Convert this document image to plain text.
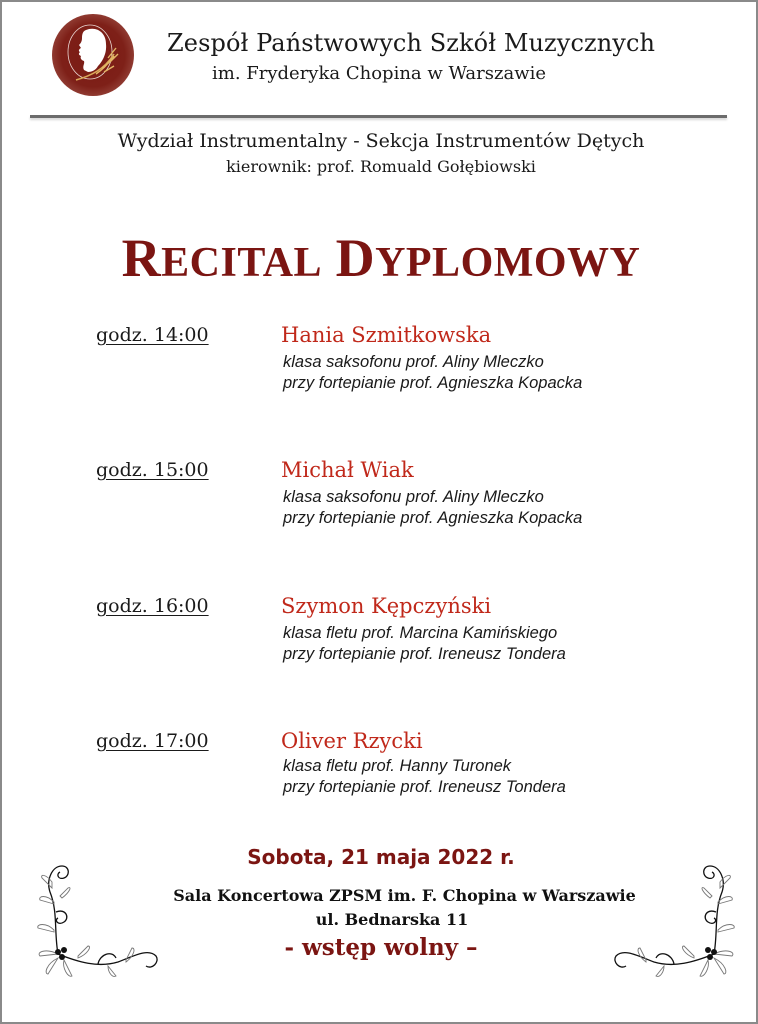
Zespół Państwowych Szkół Muzycznych
im. Fryderyka Chopina w Warszawie
Wydział Instrumentalny - Sekcja Instrumentów Dętych
kierownik: prof. Romuald Gołębiowski
RECITAL DYPLOMOWY
godz. 14:00	Hania Szmitkowska
klasa saksofonu prof. Aliny Mleczko
przy fortepianie prof. Agnieszka Kopacka
godz. 15:00	Michał Wiak
klasa saksofonu prof. Aliny Mleczko
przy fortepianie prof. Agnieszka Kopacka
godz. 16:00	Szymon Kępczyński
klasa fletu prof. Marcina Kamińskiego
przy fortepianie prof. Ireneusz Tondera
godz. 17:00	Oliver Rzycki
klasa fletu prof. Hanny Turonek
przy fortepianie prof. Ireneusz Tondera
Sobota, 21 maja 2022 r.
Sala Koncertowa ZPSM im. F. Chopina w Warszawie
ul. Bednarska 11
- wstęp wolny –
